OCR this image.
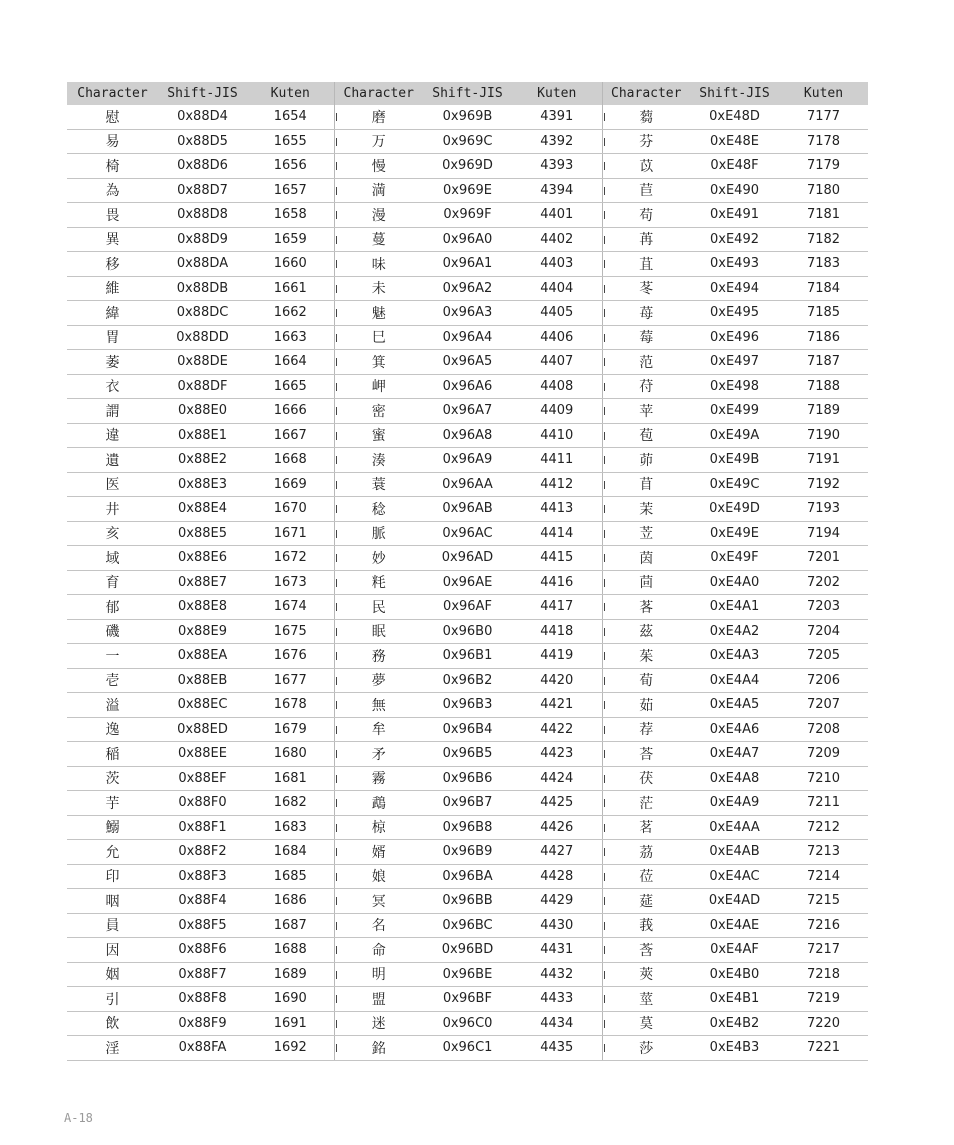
Character	Shift-JIS	Kuten	Character	Shift-JIS	Kuten	Character	Shift-JIS	Kuten
慰	0x88D4	1654	磨	0x969B	4391	蒭	0xE48D	7177
易	0x88D5	1655	万	0x969C	4392	芬	0xE48E	7178
椅	0x88D6	1656	慢	0x969D	4393	苡	0xE48F	7179
為	0x88D7	1657	満	0x969E	4394	苣	0xE490	7180
畏	0x88D8	1658	漫	0x969F	4401	苟	0xE491	7181
異	0x88D9	1659	蔓	0x96A0	4402	苒	0xE492	7182
移	0x88DA	1660	味	0x96A1	4403	苴	0xE493	7183
維	0x88DB	1661	未	0x96A2	4404	苳	0xE494	7184
緯	0x88DC	1662	魅	0x96A3	4405	苺	0xE495	7185
胃	0x88DD	1663	巳	0x96A4	4406	莓	0xE496	7186
萎	0x88DE	1664	箕	0x96A5	4407	范	0xE497	7187
衣	0x88DF	1665	岬	0x96A6	4408	苻	0xE498	7188
謂	0x88E0	1666	密	0x96A7	4409	苹	0xE499	7189
違	0x88E1	1667	蜜	0x96A8	4410	苞	0xE49A	7190
遺	0x88E2	1668	湊	0x96A9	4411	茆	0xE49B	7191
医	0x88E3	1669	蓑	0x96AA	4412	苜	0xE49C	7192
井	0x88E4	1670	稔	0x96AB	4413	茉	0xE49D	7193
亥	0x88E5	1671	脈	0x96AC	4414	苙	0xE49E	7194
域	0x88E6	1672	妙	0x96AD	4415	茵	0xE49F	7201
育	0x88E7	1673	粍	0x96AE	4416	茴	0xE4A0	7202
郁	0x88E8	1674	民	0x96AF	4417	茖	0xE4A1	7203
磯	0x88E9	1675	眠	0x96B0	4418	茲	0xE4A2	7204
一	0x88EA	1676	務	0x96B1	4419	茱	0xE4A3	7205
壱	0x88EB	1677	夢	0x96B2	4420	荀	0xE4A4	7206
溢	0x88EC	1678	無	0x96B3	4421	茹	0xE4A5	7207
逸	0x88ED	1679	牟	0x96B4	4422	荐	0xE4A6	7208
稲	0x88EE	1680	矛	0x96B5	4423	荅	0xE4A7	7209
茨	0x88EF	1681	霧	0x96B6	4424	茯	0xE4A8	7210
芋	0x88F0	1682	鵡	0x96B7	4425	茫	0xE4A9	7211
鰯	0x88F1	1683	椋	0x96B8	4426	茗	0xE4AA	7212
允	0x88F2	1684	婿	0x96B9	4427	茘	0xE4AB	7213
印	0x88F3	1685	娘	0x96BA	4428	莅	0xE4AC	7214
咽	0x88F4	1686	冥	0x96BB	4429	莚	0xE4AD	7215
員	0x88F5	1687	名	0x96BC	4430	莪	0xE4AE	7216
因	0x88F6	1688	命	0x96BD	4431	莟	0xE4AF	7217
姻	0x88F7	1689	明	0x96BE	4432	莢	0xE4B0	7218
引	0x88F8	1690	盟	0x96BF	4433	莖	0xE4B1	7219
飲	0x88F9	1691	迷	0x96C0	4434	茣	0xE4B2	7220
淫	0x88FA	1692	銘	0x96C1	4435	莎	0xE4B3	7221
A-18
